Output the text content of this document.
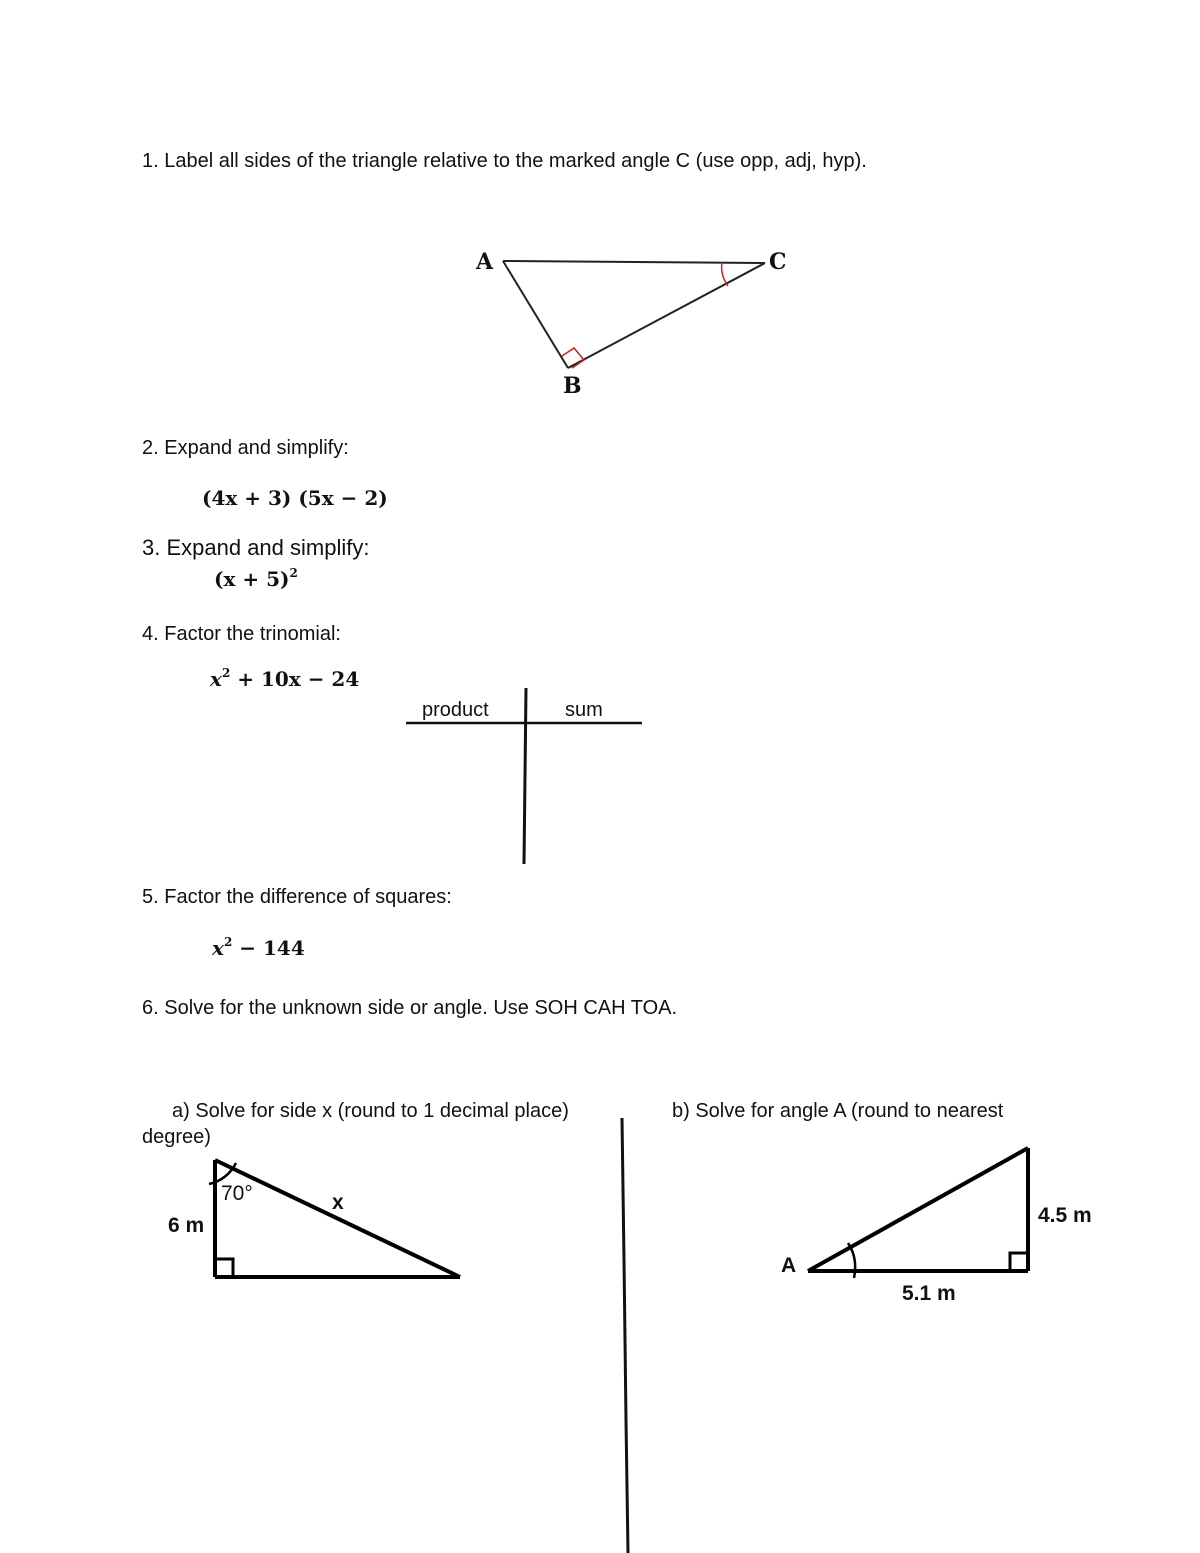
1. Label all sides of the triangle relative to the marked angle C (use opp, adj, hyp).
A	C
B
2. Expand and simplify:
(4x + 3) (5x − 2)
3. Expand and simplify:
$(x + 5)^2$
4. Factor the trinomial:
$x^2 + 10x - 24$
product	sum
5. Factor the difference of squares:
$x^2 - 144$
6. Solve for the unknown side or angle. Use SOH CAH TOA.
a) Solve for side x (round to 1 decimal place)
degree)
b) Solve for angle A (round to nearest
70°
6 m
x
A
4.5 m
5.1 m
